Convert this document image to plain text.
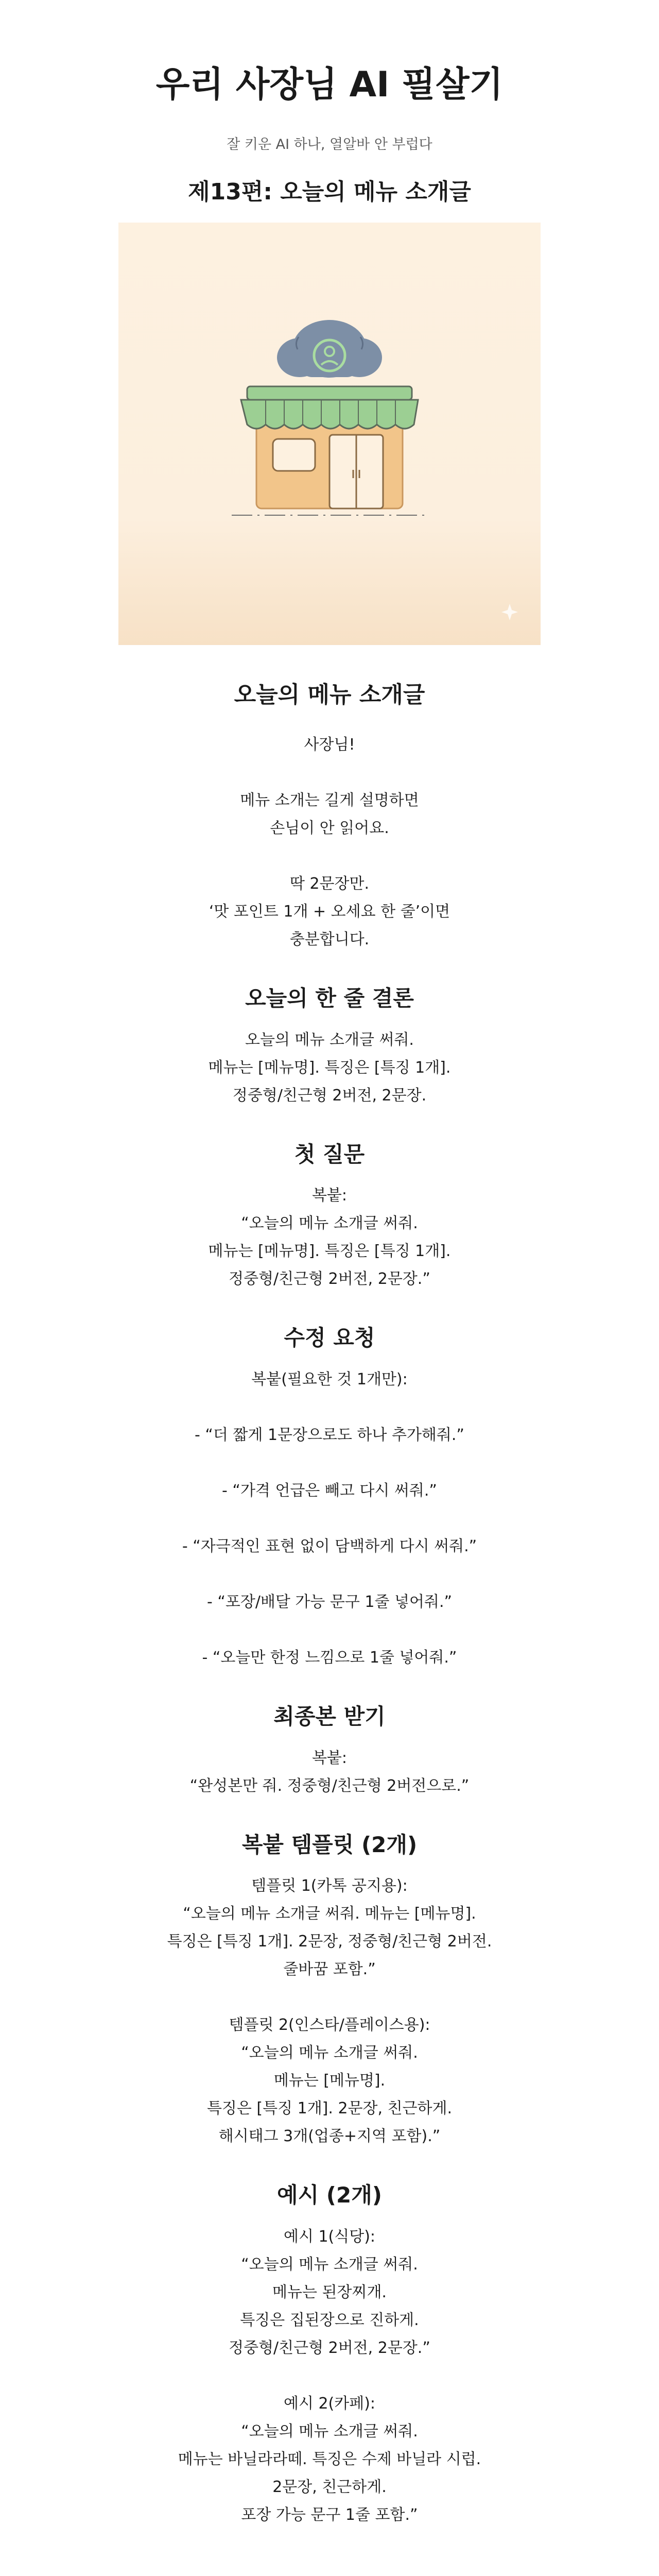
우리 사장님 AI 필살기

잘 키운 AI 하나, 열알바 안 부럽다

제13편: 오늘의 메뉴 소개글
오늘의 메뉴 소개글

사장님!

메뉴 소개는 길게 설명하면
손님이 안 읽어요.

딱 2문장만.
‘맛 포인트 1개 + 오세요 한 줄’이면
충분합니다.

오늘의 한 줄 결론

오늘의 메뉴 소개글 써줘.
메뉴는 [메뉴명]. 특징은 [특징 1개].
정중형/친근형 2버전, 2문장.

첫 질문

복붙:
“오늘의 메뉴 소개글 써줘.
메뉴는 [메뉴명]. 특징은 [특징 1개].
정중형/친근형 2버전, 2문장.”

수정 요청

복붙(필요한 것 1개만):

- “더 짧게 1문장으로도 하나 추가해줘.”

- “가격 언급은 빼고 다시 써줘.”

- “자극적인 표현 없이 담백하게 다시 써줘.”

- “포장/배달 가능 문구 1줄 넣어줘.”

- “오늘만 한정 느낌으로 1줄 넣어줘.”

최종본 받기

복붙:
“완성본만 줘. 정중형/친근형 2버전으로.”

복붙 템플릿 (2개)

템플릿 1(카톡 공지용):
“오늘의 메뉴 소개글 써줘. 메뉴는 [메뉴명].
특징은 [특징 1개]. 2문장, 정중형/친근형 2버전.
줄바꿈 포함.”

템플릿 2(인스타/플레이스용):
“오늘의 메뉴 소개글 써줘.
메뉴는 [메뉴명].
특징은 [특징 1개]. 2문장, 친근하게.
해시태그 3개(업종+지역 포함).”

예시 (2개)

예시 1(식당):
“오늘의 메뉴 소개글 써줘.
메뉴는 된장찌개.
특징은 집된장으로 진하게.
정중형/친근형 2버전, 2문장.”

예시 2(카페):
“오늘의 메뉴 소개글 써줘.
메뉴는 바닐라라떼. 특징은 수제 바닐라 시럽.
2문장, 친근하게.
포장 가능 문구 1줄 포함.”
